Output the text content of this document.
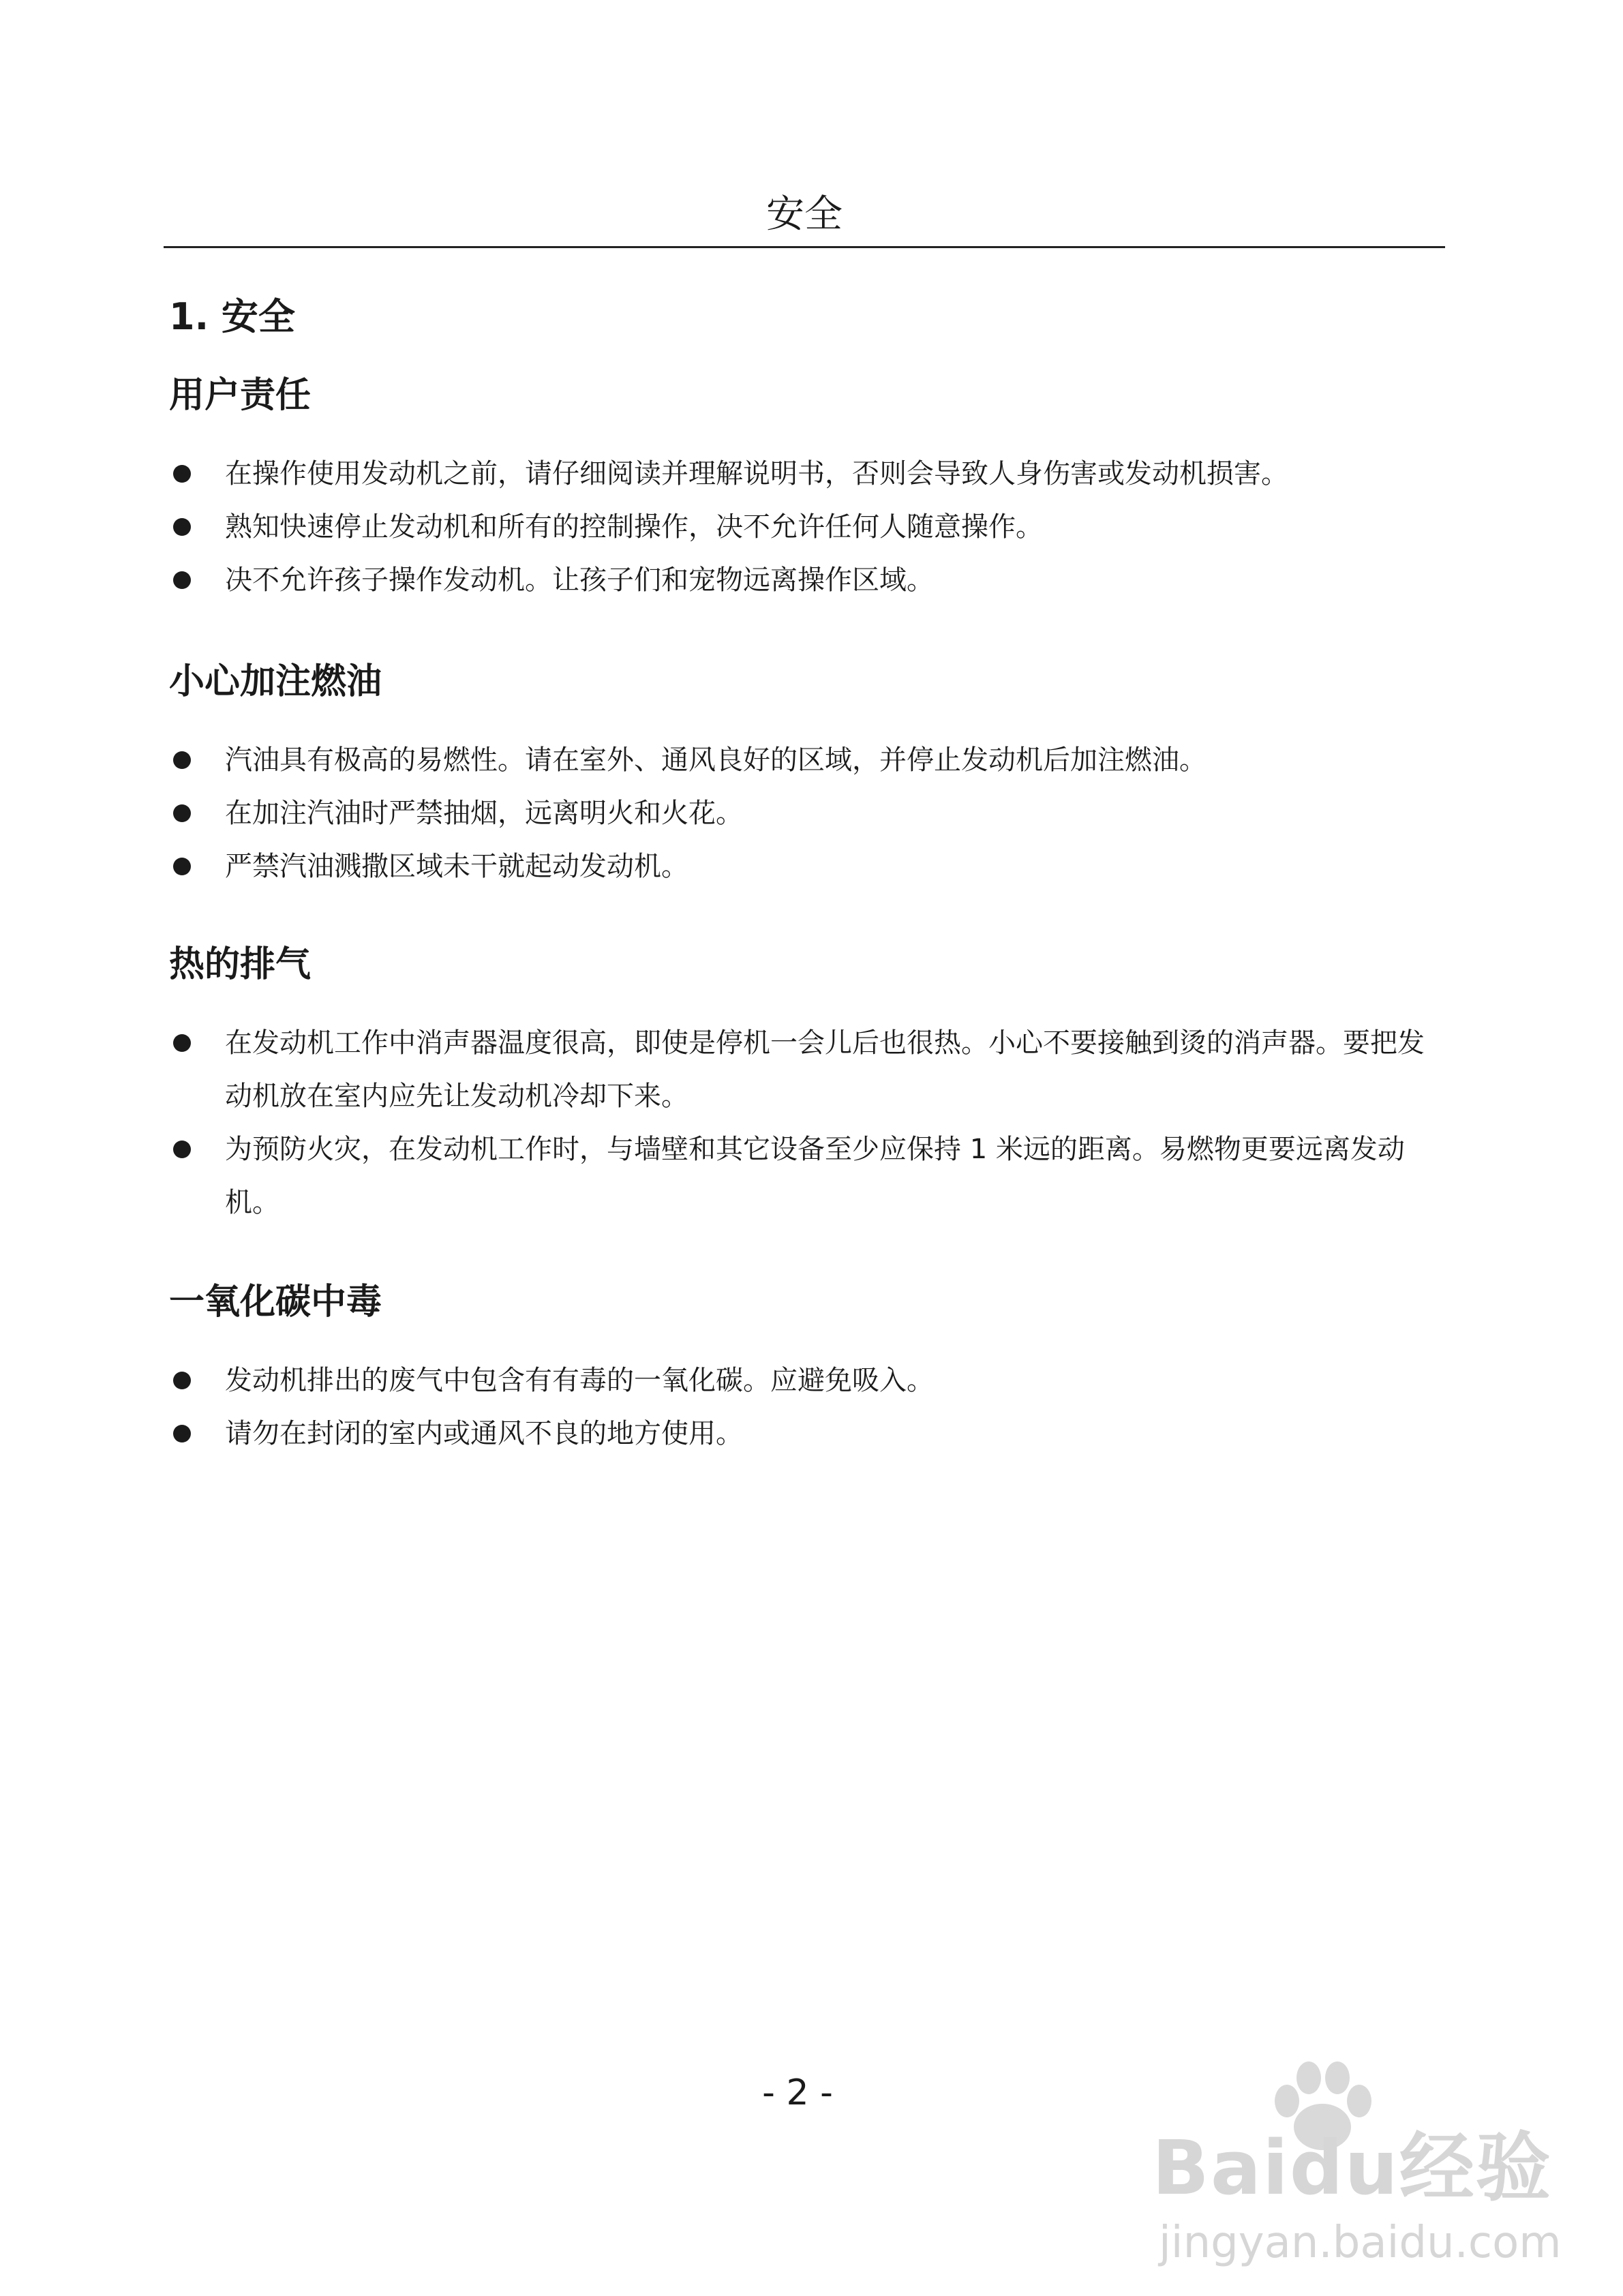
安全
1. 安全
用户责任
在操作使用发动机之前，请仔细阅读并理解说明书，否则会导致人身伤害或发动机损害。
熟知快速停止发动机和所有的控制操作，决不允许任何人随意操作。
决不允许孩子操作发动机。让孩子们和宠物远离操作区域。
小心加注燃油
汽油具有极高的易燃性。请在室外、通风良好的区域，并停止发动机后加注燃油。
在加注汽油时严禁抽烟，远离明火和火花。
严禁汽油溅撒区域未干就起动发动机。
热的排气
在发动机工作中消声器温度很高，即使是停机一会儿后也很热。小心不要接触到烫的消声器。要把发动机放在室内应先让发动机冷却下来。
为预防火灾，在发动机工作时，与墙壁和其它设备至少应保持 1 米远的距离。易燃物更要远离发动机。
一氧化碳中毒
发动机排出的废气中包含有有毒的一氧化碳。应避免吸入。
请勿在封闭的室内或通风不良的地方使用。
- 2 -
Baidu经验
jingyan.baidu.com
